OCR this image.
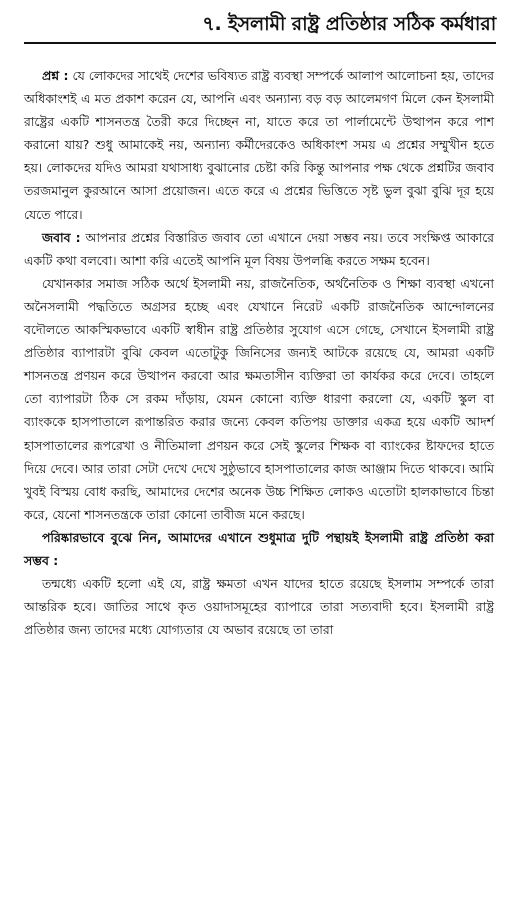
৭. ইসলামী রাষ্ট্র প্রতিষ্ঠার সঠিক কর্মধারা

প্রশ্ন : যে লোকদের সাথেই দেশের ভবিষ্যত রাষ্ট্র ব্যবস্থা সম্পর্কে আলাপ আলোচনা হয়, তাদের অধিকাংশই এ মত প্রকাশ করেন যে, আপনি এবং অন্যান্য বড় বড় আলেমগণ মিলে কেন ইসলামী রাষ্ট্রের একটি শাসনতন্ত্র তৈরী করে দিচ্ছেন না, যাতে করে তা পার্লামেন্টে উত্থাপন করে পাশ করানো যায়? শুধু আমাকেই নয়, অন্যান্য কর্মীদেরকেও অধিকাংশ সময় এ প্রশ্নের সম্মুখীন হতে হয়। লোকদের যদিও আমরা যথাসাধ্য বুঝানোর চেষ্টা করি কিন্তু আপনার পক্ষ থেকে প্রশ্নটির জবাব তরজমানুল কুরআনে আসা প্রয়োজন। এতে করে এ প্রশ্নের ভিত্তিতে সৃষ্ট ভুল বুঝা বুঝি দূর হয়ে যেতে পারে।

জবাব : আপনার প্রশ্নের বিস্তারিত জবাব তো এখানে দেয়া সম্ভব নয়। তবে সংক্ষিপ্ত আকারে একটি কথা বলবো। আশা করি এতেই আপনি মূল বিষয় উপলব্ধি করতে সক্ষম হবেন।

যেখানকার সমাজ সঠিক অর্থে ইসলামী নয়, রাজনৈতিক, অর্থনৈতিক ও শিক্ষা ব্যবস্থা এখনো অনৈসলামী পদ্ধতিতে অগ্রসর হচ্ছে এবং যেখানে নিরেট একটি রাজনৈতিক আন্দোলনের বদৌলতে আকস্মিকভাবে একটি স্বাধীন রাষ্ট্র প্রতিষ্ঠার সুযোগ এসে গেছে, সেখানে ইসলামী রাষ্ট্র প্রতিষ্ঠার ব্যাপারটা বুঝি কেবল এতোটুকু জিনিসের জন্যই আটকে রয়েছে যে, আমরা একটি শাসনতন্ত্র প্রণয়ন করে উত্থাপন করবো আর ক্ষমতাসীন ব্যক্তিরা তা কার্যকর করে দেবে। তাহলে তো ব্যাপারটা ঠিক সে রকম দাঁড়ায়, যেমন কোনো ব্যক্তি ধারণা করলো যে, একটি স্কুল বা ব্যাংককে হাসপাতালে রূপান্তরিত করার জন্যে কেবল কতিপয় ডাক্তার একত্র হয়ে একটি আদর্শ হাসপাতালের রূপরেখা ও নীতিমালা প্রণয়ন করে সেই স্কুলের শিক্ষক বা ব্যাংকের ষ্টাফদের হাতে দিয়ে দেবে। আর তারা সেটা দেখে দেখে সুষ্ঠুভাবে হাসপাতালের কাজ আঞ্জাম দিতে থাকবে। আমি খুবই বিস্ময় বোধ করছি, আমাদের দেশের অনেক উচ্চ শিক্ষিত লোকও এতোটা হালকাভাবে চিন্তা করে, যেনো শাসনতন্ত্রকে তারা কোনো তাবীজ মনে করছে।

পরিষ্কারভাবে বুঝে নিন, আমাদের এখানে শুধুমাত্র দুটি পন্থায়ই ইসলামী রাষ্ট্র প্রতিষ্ঠা করা সম্ভব :

তন্মধ্যে একটি হলো এই যে, রাষ্ট্র ক্ষমতা এখন যাদের হাতে রয়েছে ইসলাম সম্পর্কে তারা আন্তরিক হবে। জাতির সাথে কৃত ওয়াদাসমূহের ব্যাপারে তারা সত্যবাদী হবে। ইসলামী রাষ্ট্র প্রতিষ্ঠার জন্য তাদের মধ্যে যোগ্যতার যে অভাব রয়েছে তা তারা
